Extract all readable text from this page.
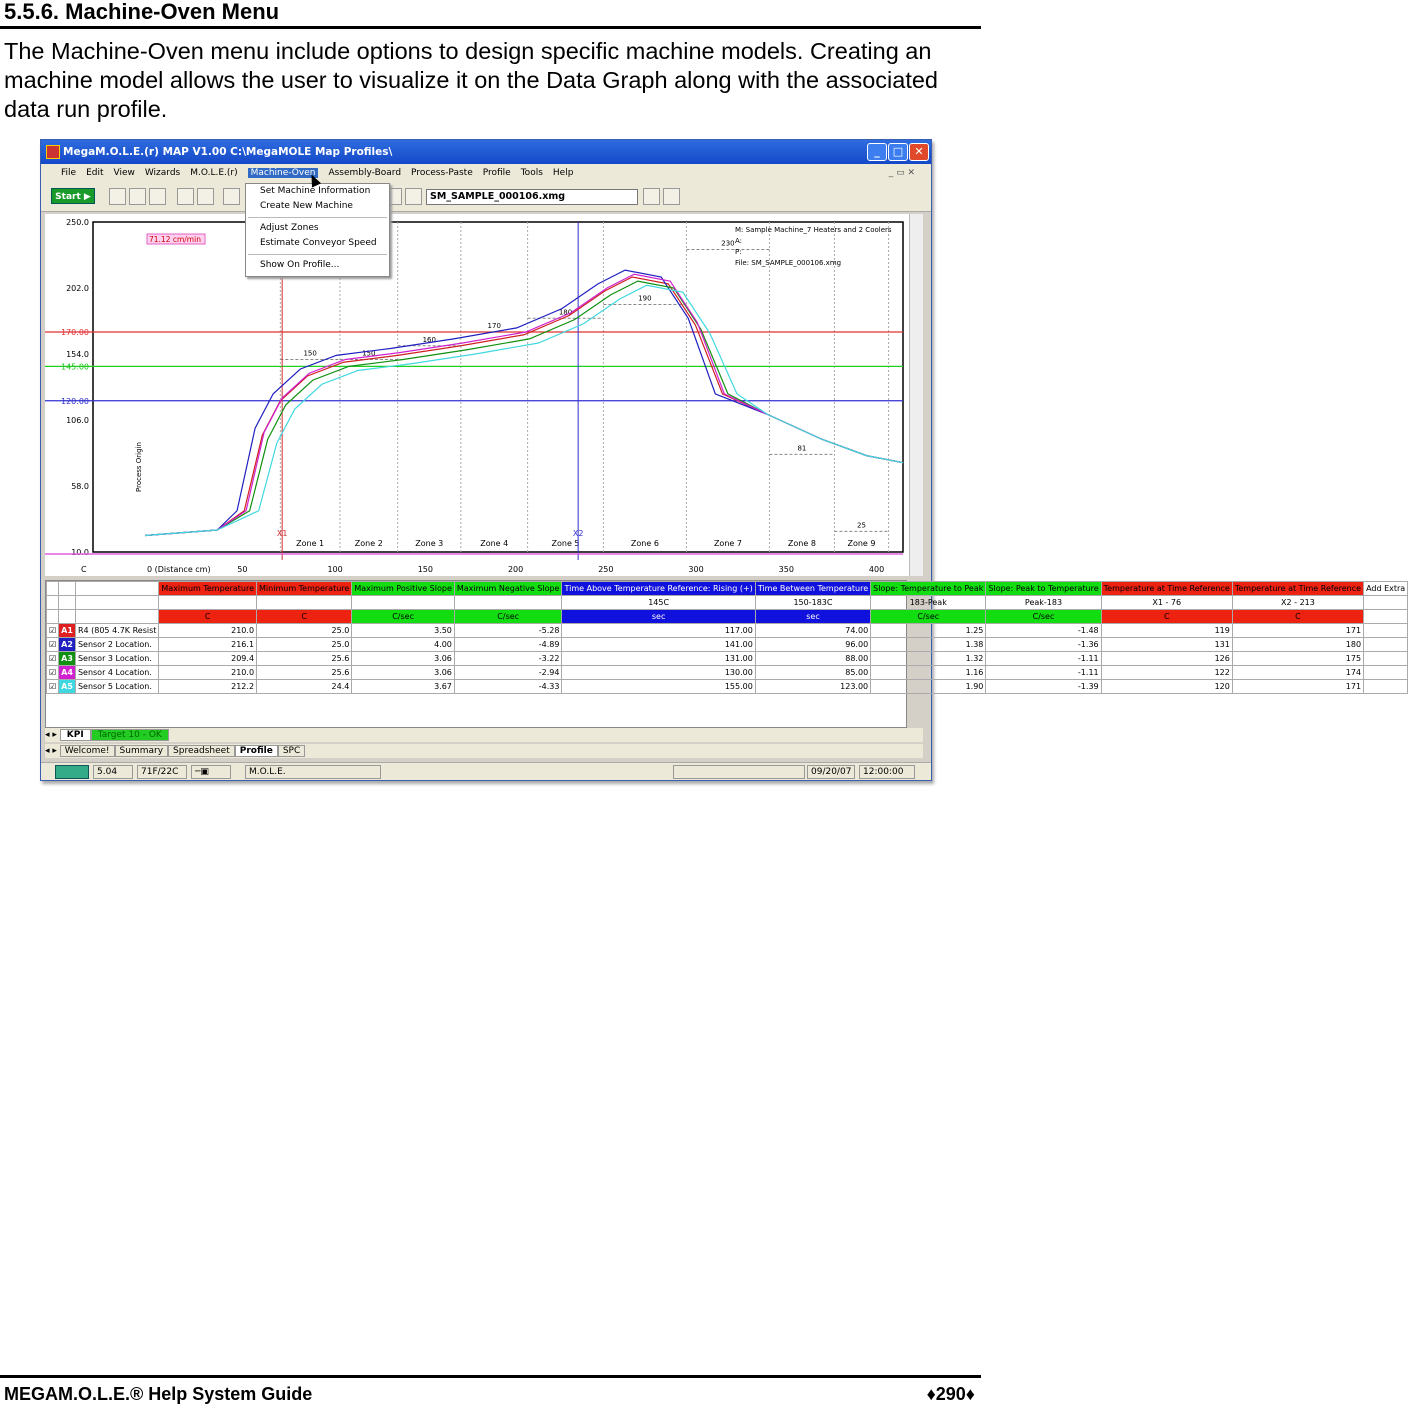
5.5.6. Machine-Oven Menu
The Machine-Oven menu include options to design specific machine models. Creating an machine model allows the user to visualize it on the Data Graph along with the associated data run profile.
MegaM.O.L.E.(r) MAP V1.00 C:\MegaMOLE Map Profiles\	_	□	✕
File Edit View Wizards M.O.L.E.(r) Machine-Oven Assembly-Board Process-Paste Profile Tools Help	_ ▭ ✕
Start ▶	SM_SAMPLE_000106.xmg
Set Machine Information
Create New Machine
Adjust Zones
Estimate Conveyor Speed
Show On Profile...
Zone 1	Zone 2	Zone 3	Zone 4	Zone 5	Zone 6	Zone 7	Zone 8	Zone 9
150	150
160
170
180
190
230
81
25
250.0
202.0
170.00
154.0
145.00
120.00
106.0
58.0
10.0
0 (Distance cm)	50	100	150	200	250	300	350	400
C
Process Origin
X1	X2
71.12 cm/min
M: Sample Machine_7 Heaters and 2 Coolers
A:
P:
File: SM_SAMPLE_000106.xmg
			Maximum Temperature	Minimum Temperature	Maximum Positive Slope	Maximum Negative Slope	Time Above Temperature Reference: Rising (+)	Time Between Temperature	Slope: Temperature to Peak	Slope: Peak to Temperature	Temperature at Time Reference	Temperature at Time Reference	Add Extra
							145C	150-183C	183-Peak	Peak-183	X1 - 76	X2 - 213	
			C	C	C/sec	C/sec	sec	sec	C/sec	C/sec	C	C	
☑	A1	R4 (805 4.7K Resist	210.0	25.0	3.50	-5.28	117.00	74.00	1.25	-1.48	119	171	
☑	A2	Sensor 2 Location.	216.1	25.0	4.00	-4.89	141.00	96.00	1.38	-1.36	131	180	
☑	A3	Sensor 3 Location.	209.4	25.6	3.06	-3.22	131.00	88.00	1.32	-1.11	126	175	
☑	A4	Sensor 4 Location.	210.0	25.6	3.06	-2.94	130.00	85.00	1.16	-1.11	122	174	
☑	A5	Sensor 5 Location.	212.2	24.4	3.67	-4.33	155.00	123.00	1.90	-1.39	120	171	
◂ ▸ KPI Target 10 - OK
◂ ▸ Welcome! Summary Spreadsheet Profile SPC
5.04	71F/22C	─▣	M.O.L.E.	09/20/07	12:00:00
MEGAM.O.L.E.® Help System Guide	♦290♦
